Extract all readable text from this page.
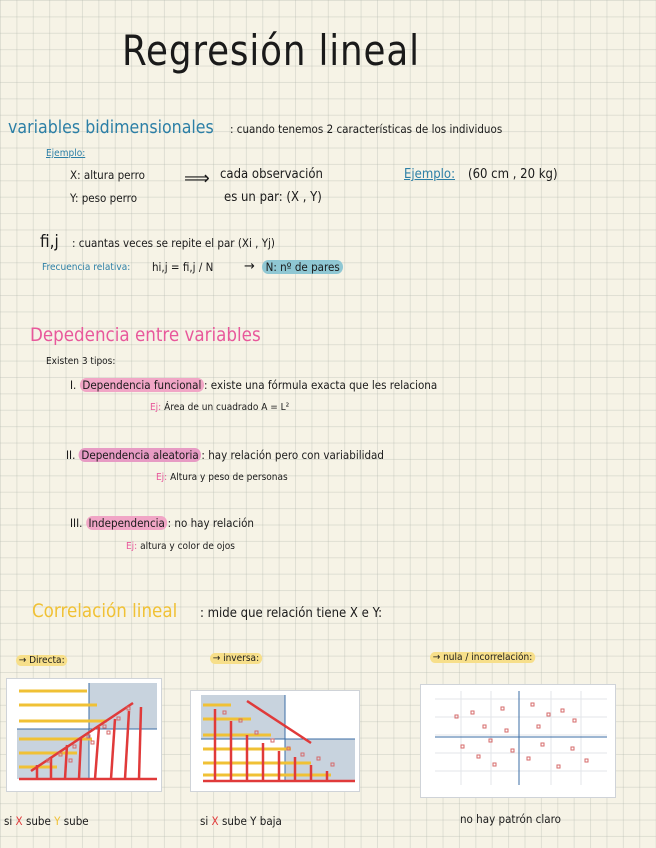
Regresión lineal
variables bidimensionales	: cuando tenemos 2 características de los individuos
Ejemplo:
X: altura perro
Y: peso perro
⟹ cada observación
es un par: (X , Y)
Ejemplo: (60 cm , 20 kg)
fi,j : cuantas veces se repite el par (Xi , Yj)
Frecuencia relativa: hi,j = fi,j / N → N: nº de pares
Depedencia entre variables
Existen 3 tipos:
I. Dependencia funcional : existe una fórmula exacta que les relaciona
Ej: Área de un cuadrado A = L²
II. Dependencia aleatoria : hay relación pero con variabilidad
Ej: Altura y peso de personas
III. Independencia : no hay relación
Ej: altura y color de ojos
Correlación lineal : mide que relación tiene X e Y:
→ Directa:	→ inversa:	→ nula / incorrelación:
si X sube Y sube	si X sube Y baja	no hay patrón claro
